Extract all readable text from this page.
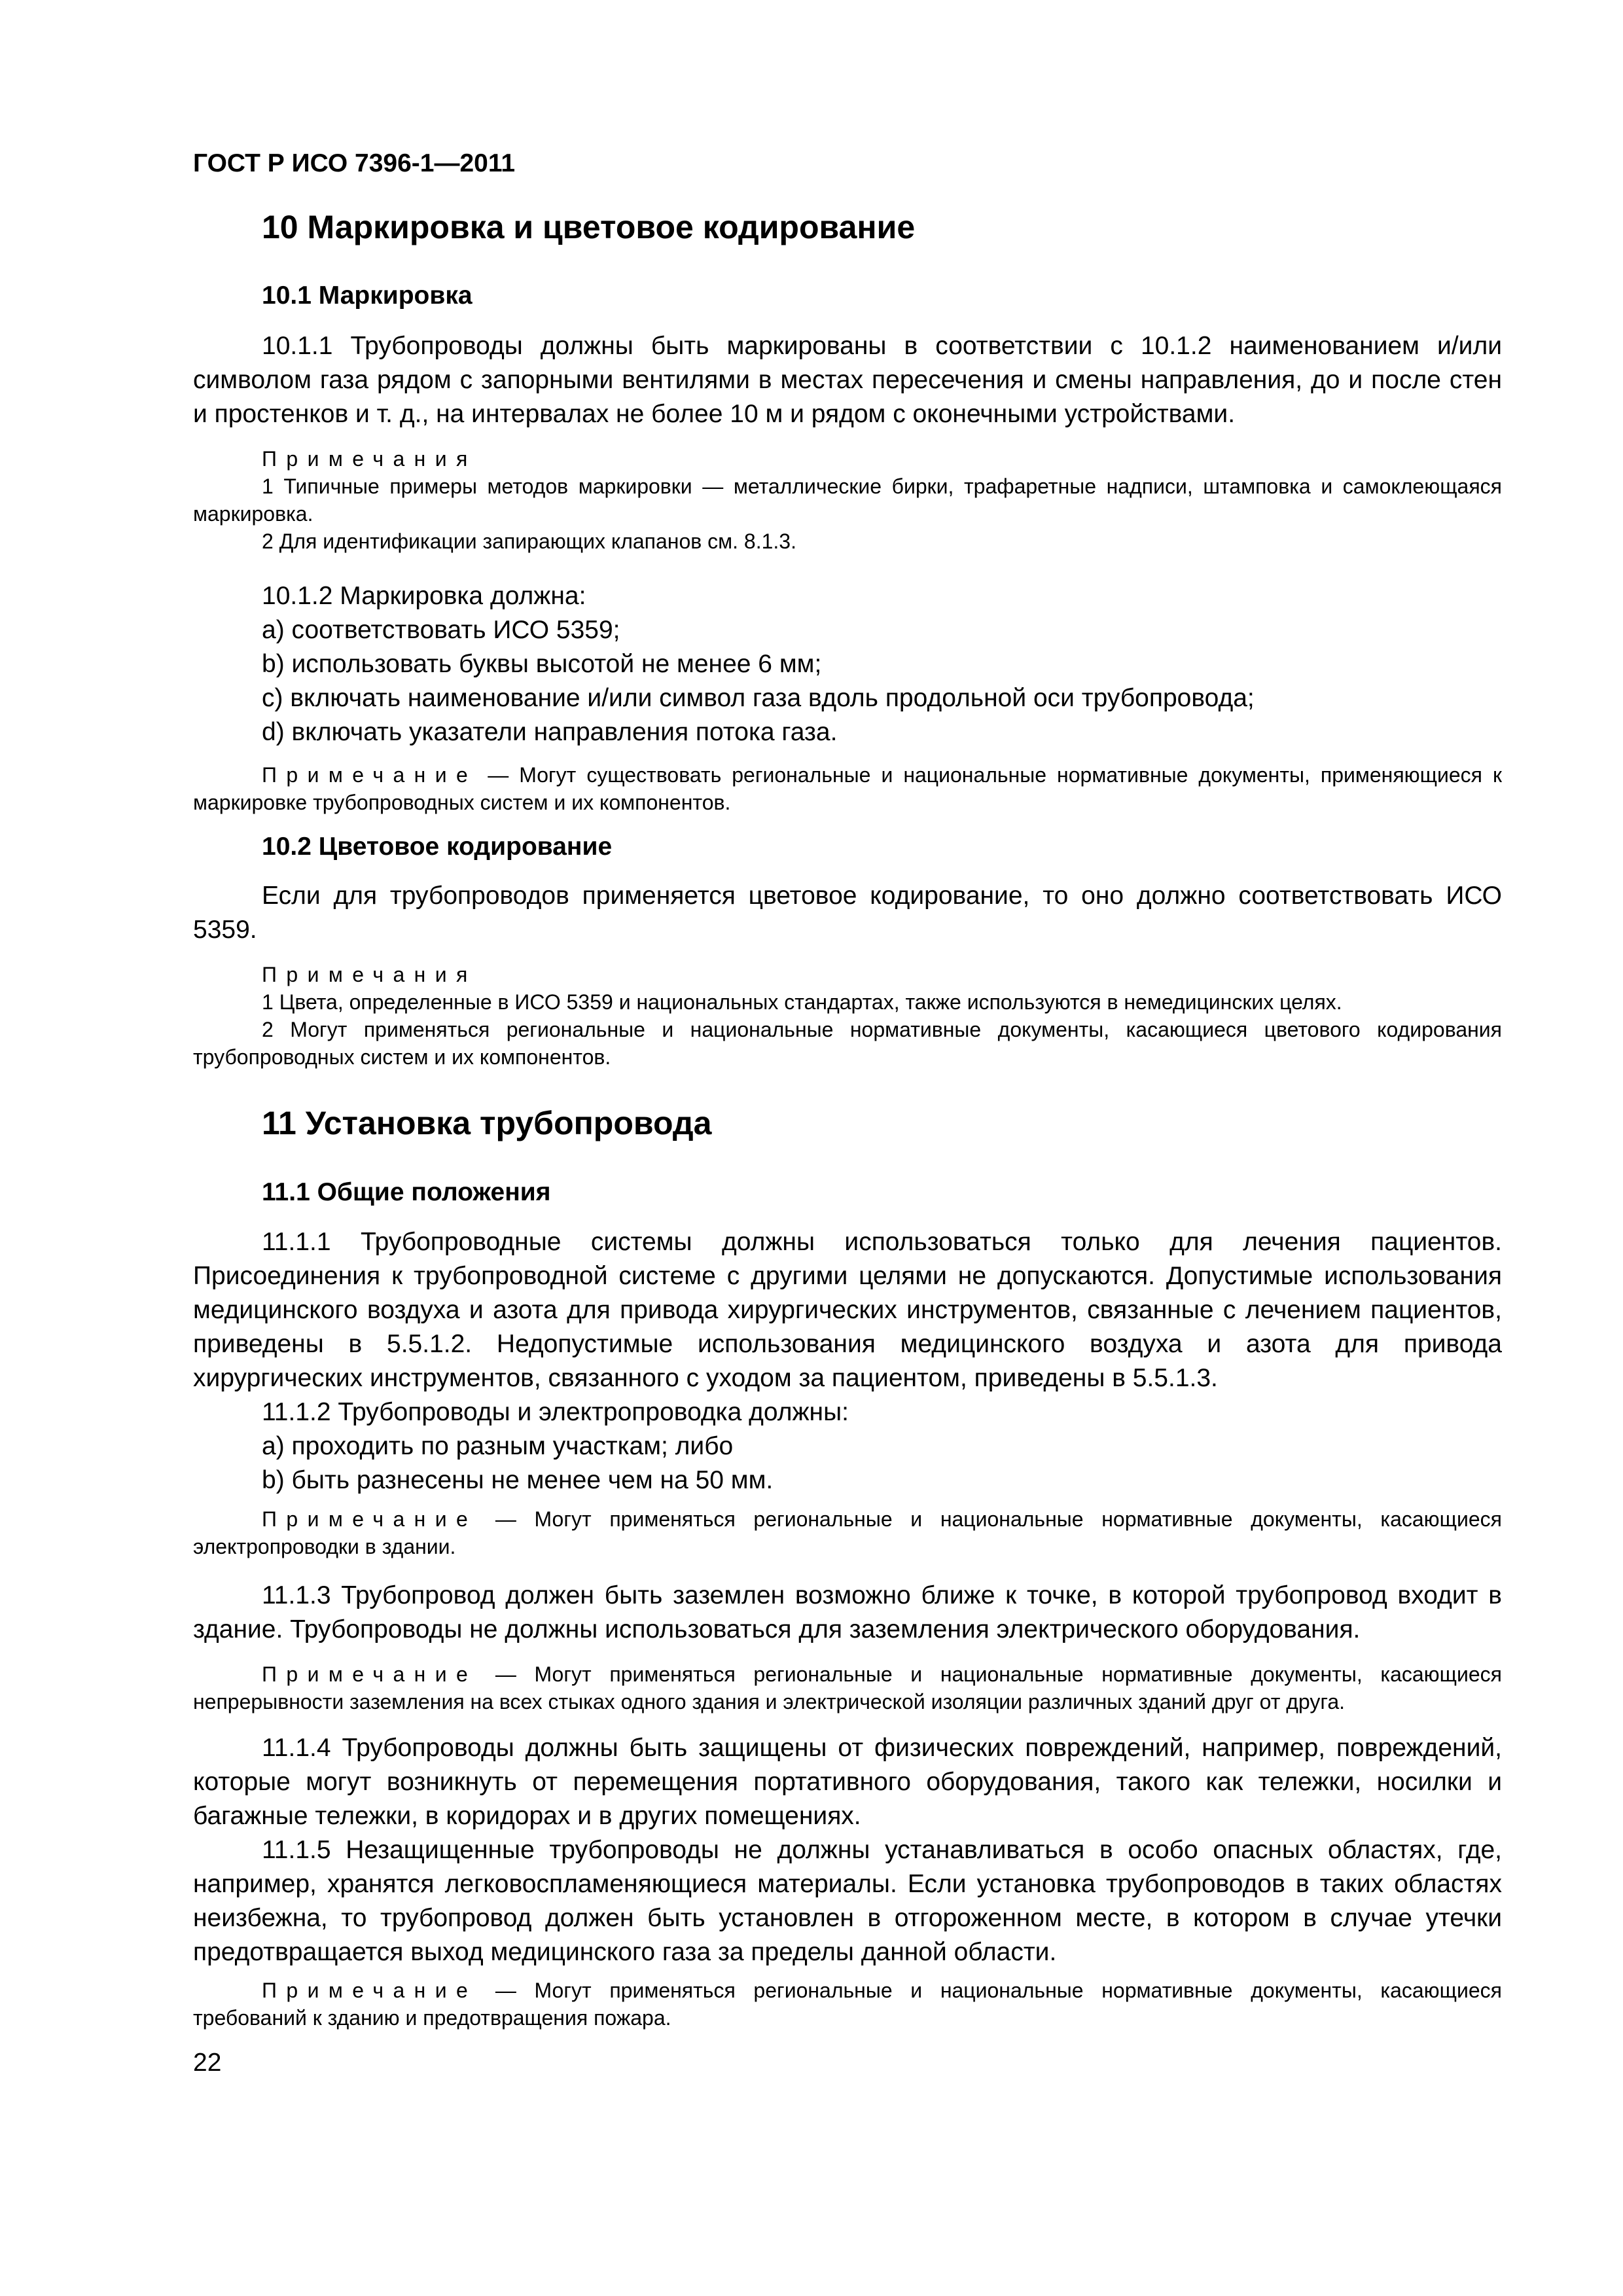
ГОСТ Р ИСО 7396-1—2011
10 Маркировка и цветовое кодирование
10.1 Маркировка

10.1.1 Трубопроводы должны быть маркированы в соответствии с 10.1.2 наименованием и/или символом газа рядом с запорными вентилями в местах пересечения и смены направления, до и после стен и простенков и т. д., на интервалах не более 10 м и рядом с оконечными устройствами.

Примечания

1 Типичные примеры методов маркировки — металлические бирки, трафаретные надписи, штамповка и самоклеющаяся маркировка.

2 Для идентификации запирающих клапанов см. 8.1.3.

10.1.2 Маркировка должна:

a) соответствовать ИСО 5359;

b) использовать буквы высотой не менее 6 мм;

c) включать наименование и/или символ газа вдоль продольной оси трубопровода;

d) включать указатели направления потока газа.

Примечание — Могут существовать региональные и национальные нормативные документы, применяющиеся к маркировке трубопроводных систем и их компонентов.

10.2 Цветовое кодирование

Если для трубопроводов применяется цветовое кодирование, то оно должно соответствовать ИСО 5359.

Примечания

1 Цвета, определенные в ИСО 5359 и национальных стандартах, также используются в немедицинских целях.

2 Могут применяться региональные и национальные нормативные документы, касающиеся цветового кодирования трубопроводных систем и их компонентов.

11 Установка трубопровода
11.1 Общие положения

11.1.1 Трубопроводные системы должны использоваться только для лечения пациентов. Присоединения к трубопроводной системе с другими целями не допускаются. Допустимые использования медицинского воздуха и азота для привода хирургических инструментов, связанные с лечением пациентов, приведены в 5.5.1.2. Недопустимые использования медицинского воздуха и азота для привода хирургических инструментов, связанного с уходом за пациентом, приведены в 5.5.1.3.

11.1.2 Трубопроводы и электропроводка должны:

a) проходить по разным участкам; либо

b) быть разнесены не менее чем на 50 мм.

Примечание — Могут применяться региональные и национальные нормативные документы, касающиеся электропроводки в здании.

11.1.3 Трубопровод должен быть заземлен возможно ближе к точке, в которой трубопровод входит в здание. Трубопроводы не должны использоваться для заземления электрического оборудования.

Примечание — Могут применяться региональные и национальные нормативные документы, касающиеся непрерывности заземления на всех стыках одного здания и электрической изоляции различных зданий друг от друга.

11.1.4 Трубопроводы должны быть защищены от физических повреждений, например, повреждений, которые могут возникнуть от перемещения портативного оборудования, такого как тележки, носилки и багажные тележки, в коридорах и в других помещениях.

11.1.5 Незащищенные трубопроводы не должны устанавливаться в особо опасных областях, где, например, хранятся легковоспламеняющиеся материалы. Если установка трубопроводов в таких областях неизбежна, то трубопровод должен быть установлен в отгороженном месте, в котором в случае утечки предотвращается выход медицинского газа за пределы данной области.

Примечание — Могут применяться региональные и национальные нормативные документы, касающиеся требований к зданию и предотвращения пожара.

22
